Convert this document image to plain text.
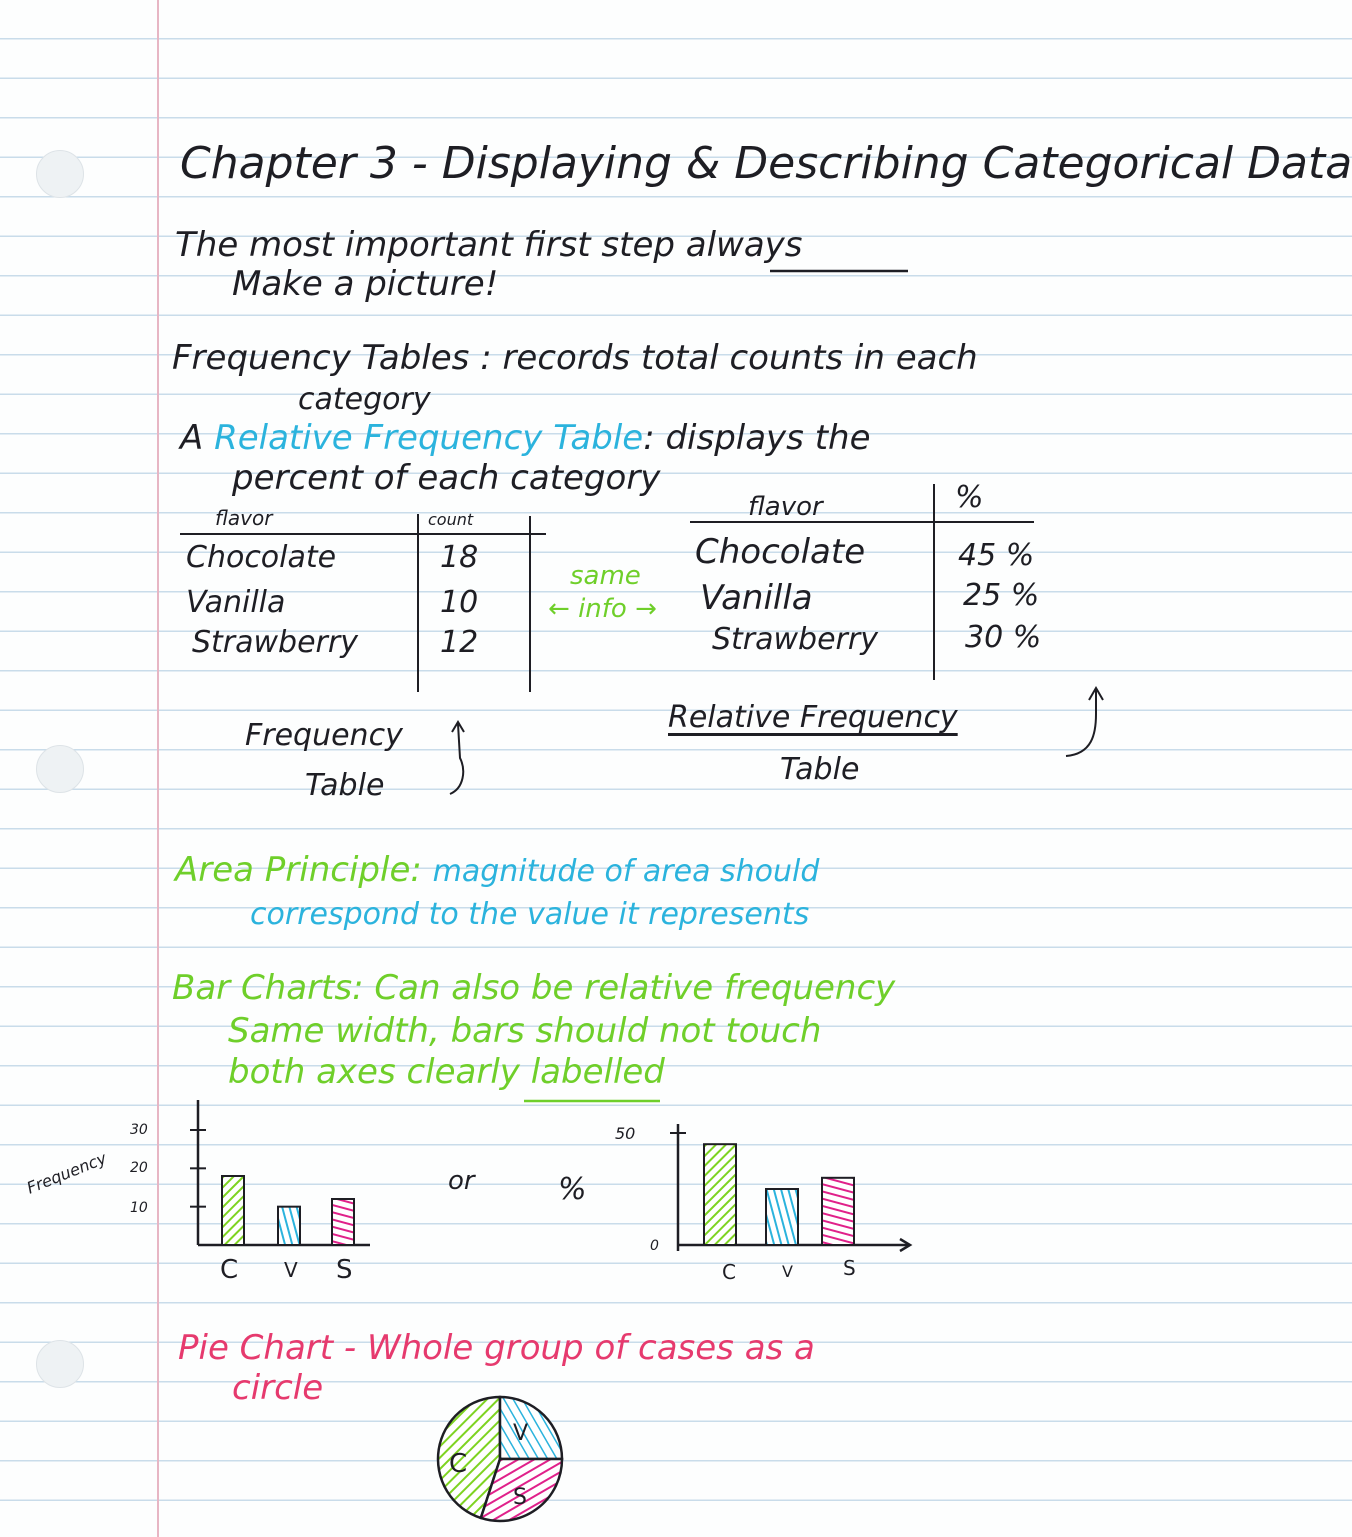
Chapter 3 - Displaying & Describing Categorical Data
The most important first step always
Make a picture!
Frequency Tables : records total counts in each
category
A Relative Frequency Table: displays the
percent of each category
flavor	count
Chocolate	18
Vanilla	10
Strawberry	12
same
← info →
flavor	%
Chocolate	45 %
Vanilla	25 %
Strawberry	30 %
Frequency
Table
Relative Frequency
Table
Area Principle: magnitude of area should
correspond to the value it represents
Bar Charts: Can also be relative frequency
Same width, bars should not touch
both axes clearly labelled
Frequency
30
20
10
C V S
or	%
50
0
C	V	S
Pie Chart - Whole group of cases as a
circle
C
V
S
